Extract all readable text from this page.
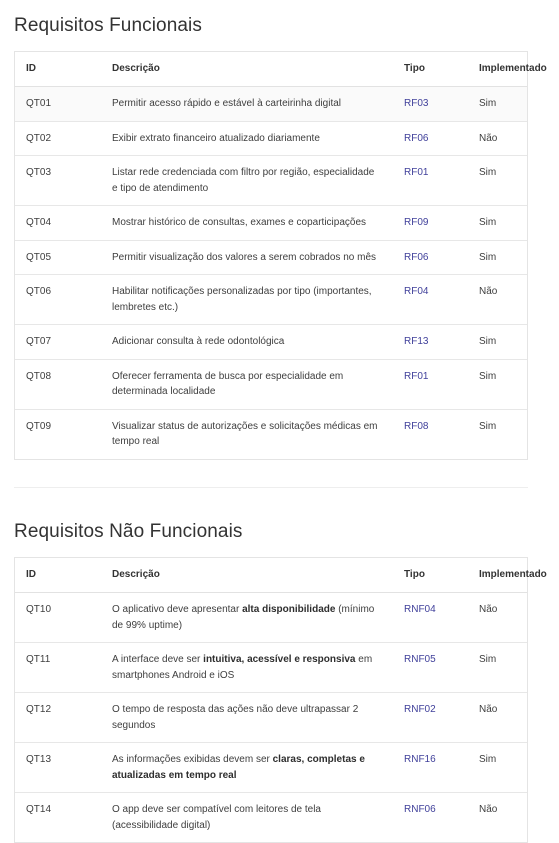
Requisitos Funcionais
ID	Descrição	Tipo	Implementado
QT01	Permitir acesso rápido e estável à carteirinha digital	RF03	Sim
QT02	Exibir extrato financeiro atualizado diariamente	RF06	Não
QT03	Listar rede credenciada com filtro por região, especialidade e tipo de atendimento	RF01	Sim
QT04	Mostrar histórico de consultas, exames e coparticipações	RF09	Sim
QT05	Permitir visualização dos valores a serem cobrados no mês	RF06	Sim
QT06	Habilitar notificações personalizadas por tipo (importantes, lembretes etc.)	RF04	Não
QT07	Adicionar consulta à rede odontológica	RF13	Sim
QT08	Oferecer ferramenta de busca por especialidade em determinada localidade	RF01	Sim
QT09	Visualizar status de autorizações e solicitações médicas em tempo real	RF08	Sim
Requisitos Não Funcionais
ID	Descrição	Tipo	Implementado
QT10	O aplicativo deve apresentar alta disponibilidade (mínimo de 99% uptime)	RNF04	Não
QT11	A interface deve ser intuitiva, acessível e responsiva em smartphones Android e iOS	RNF05	Sim
QT12	O tempo de resposta das ações não deve ultrapassar 2 segundos	RNF02	Não
QT13	As informações exibidas devem ser claras, completas e atualizadas em tempo real	RNF16	Sim
QT14	O app deve ser compatível com leitores de tela (acessibilidade digital)	RNF06	Não
